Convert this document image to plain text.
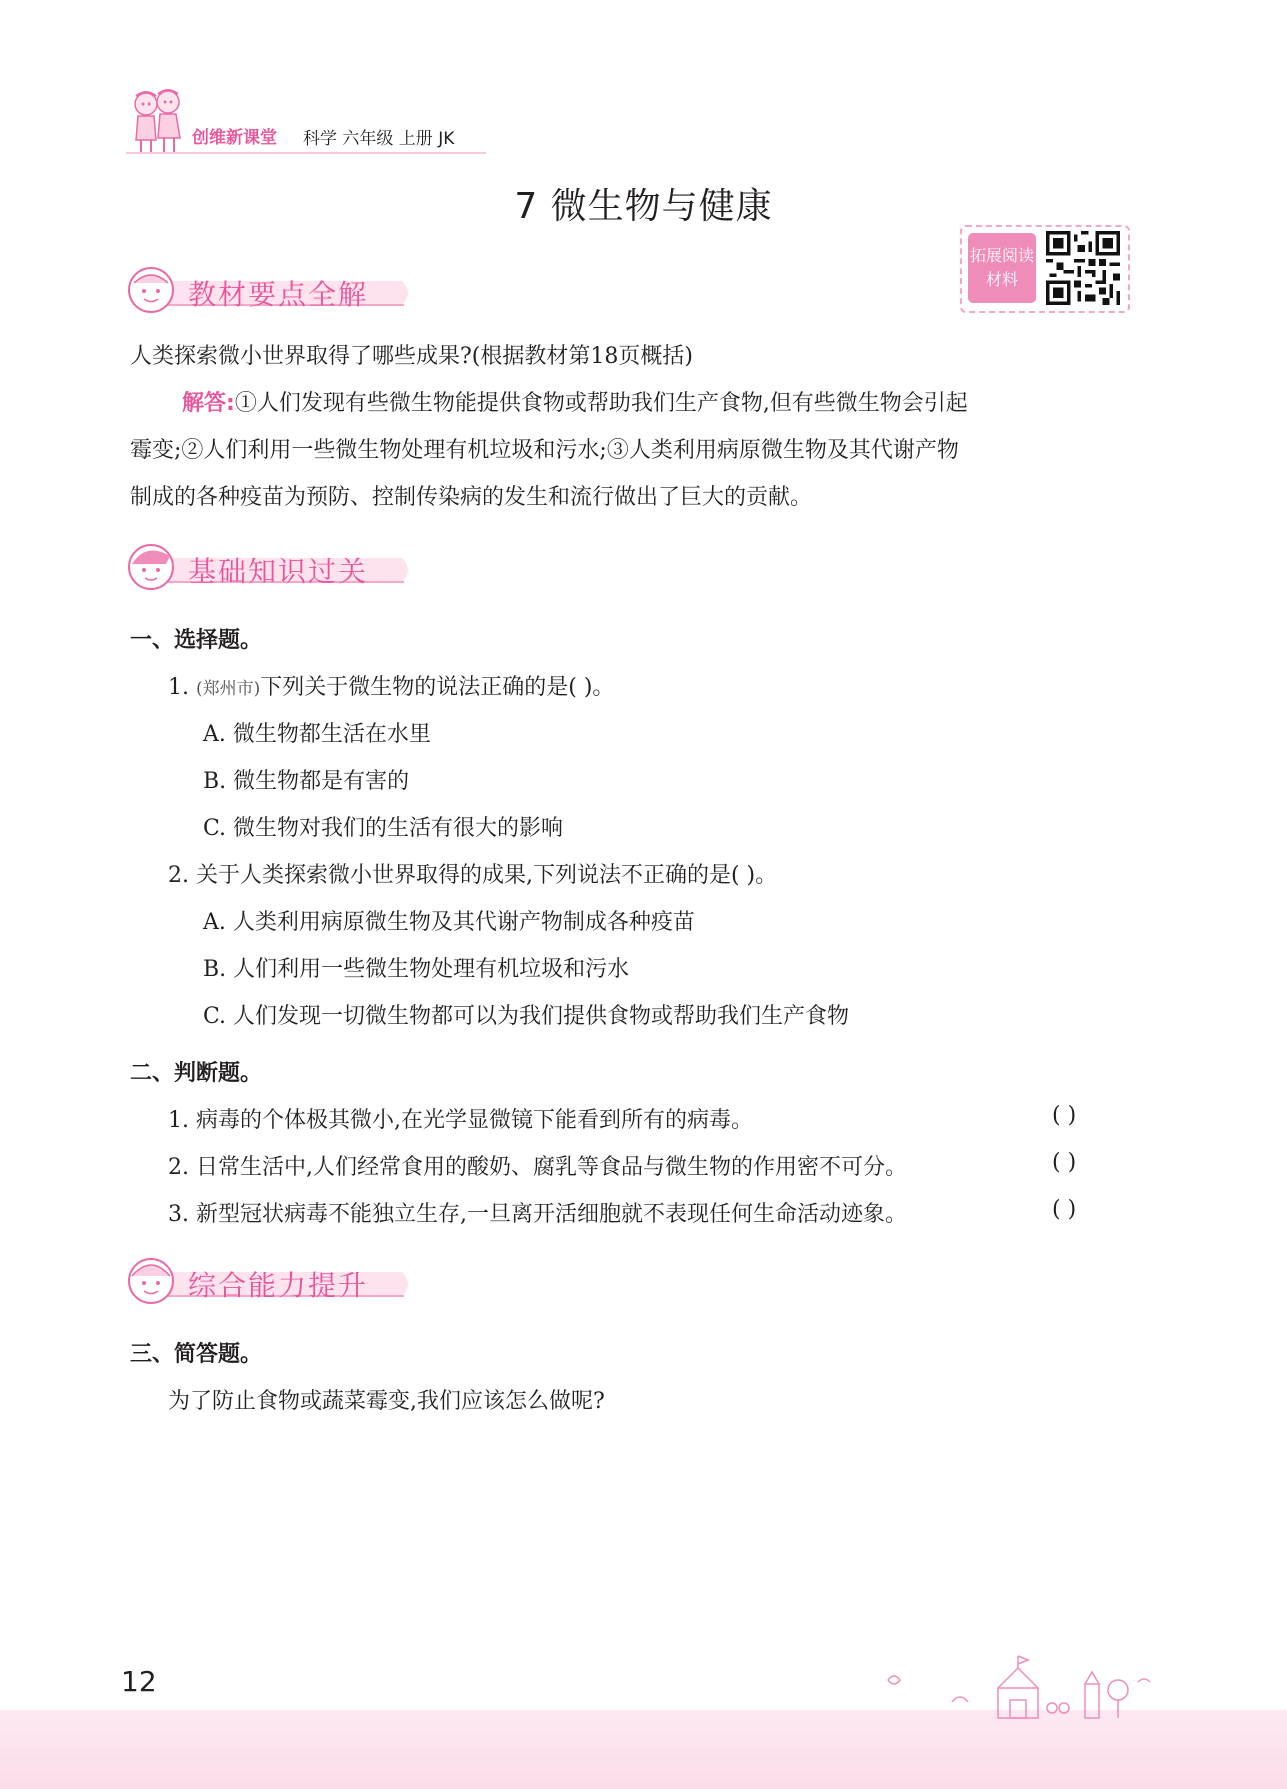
创维新课堂 科学 六年级 上册 JK
7 微生物与健康
拓展阅读
材料
教材要点全解
人类探索微小世界取得了哪些成果?(根据教材第18页概括)
解答:①人们发现有些微生物能提供食物或帮助我们生产食物,但有些微生物会引起
霉变;②人们利用一些微生物处理有机垃圾和污水;③人类利用病原微生物及其代谢产物
制成的各种疫苗为预防、控制传染病的发生和流行做出了巨大的贡献。
基础知识过关
一、选择题。
1. (郑州市)下列关于微生物的说法正确的是( )。
A. 微生物都生活在水里
B. 微生物都是有害的
C. 微生物对我们的生活有很大的影响
2. 关于人类探索微小世界取得的成果,下列说法不正确的是( )。
A. 人类利用病原微生物及其代谢产物制成各种疫苗
B. 人们利用一些微生物处理有机垃圾和污水
C. 人们发现一切微生物都可以为我们提供食物或帮助我们生产食物
二、判断题。
1. 病毒的个体极其微小,在光学显微镜下能看到所有的病毒。	( )
2. 日常生活中,人们经常食用的酸奶、腐乳等食品与微生物的作用密不可分。	( )
3. 新型冠状病毒不能独立生存,一旦离开活细胞就不表现任何生命活动迹象。	( )
综合能力提升
三、简答题。
为了防止食物或蔬菜霉变,我们应该怎么做呢?
12
